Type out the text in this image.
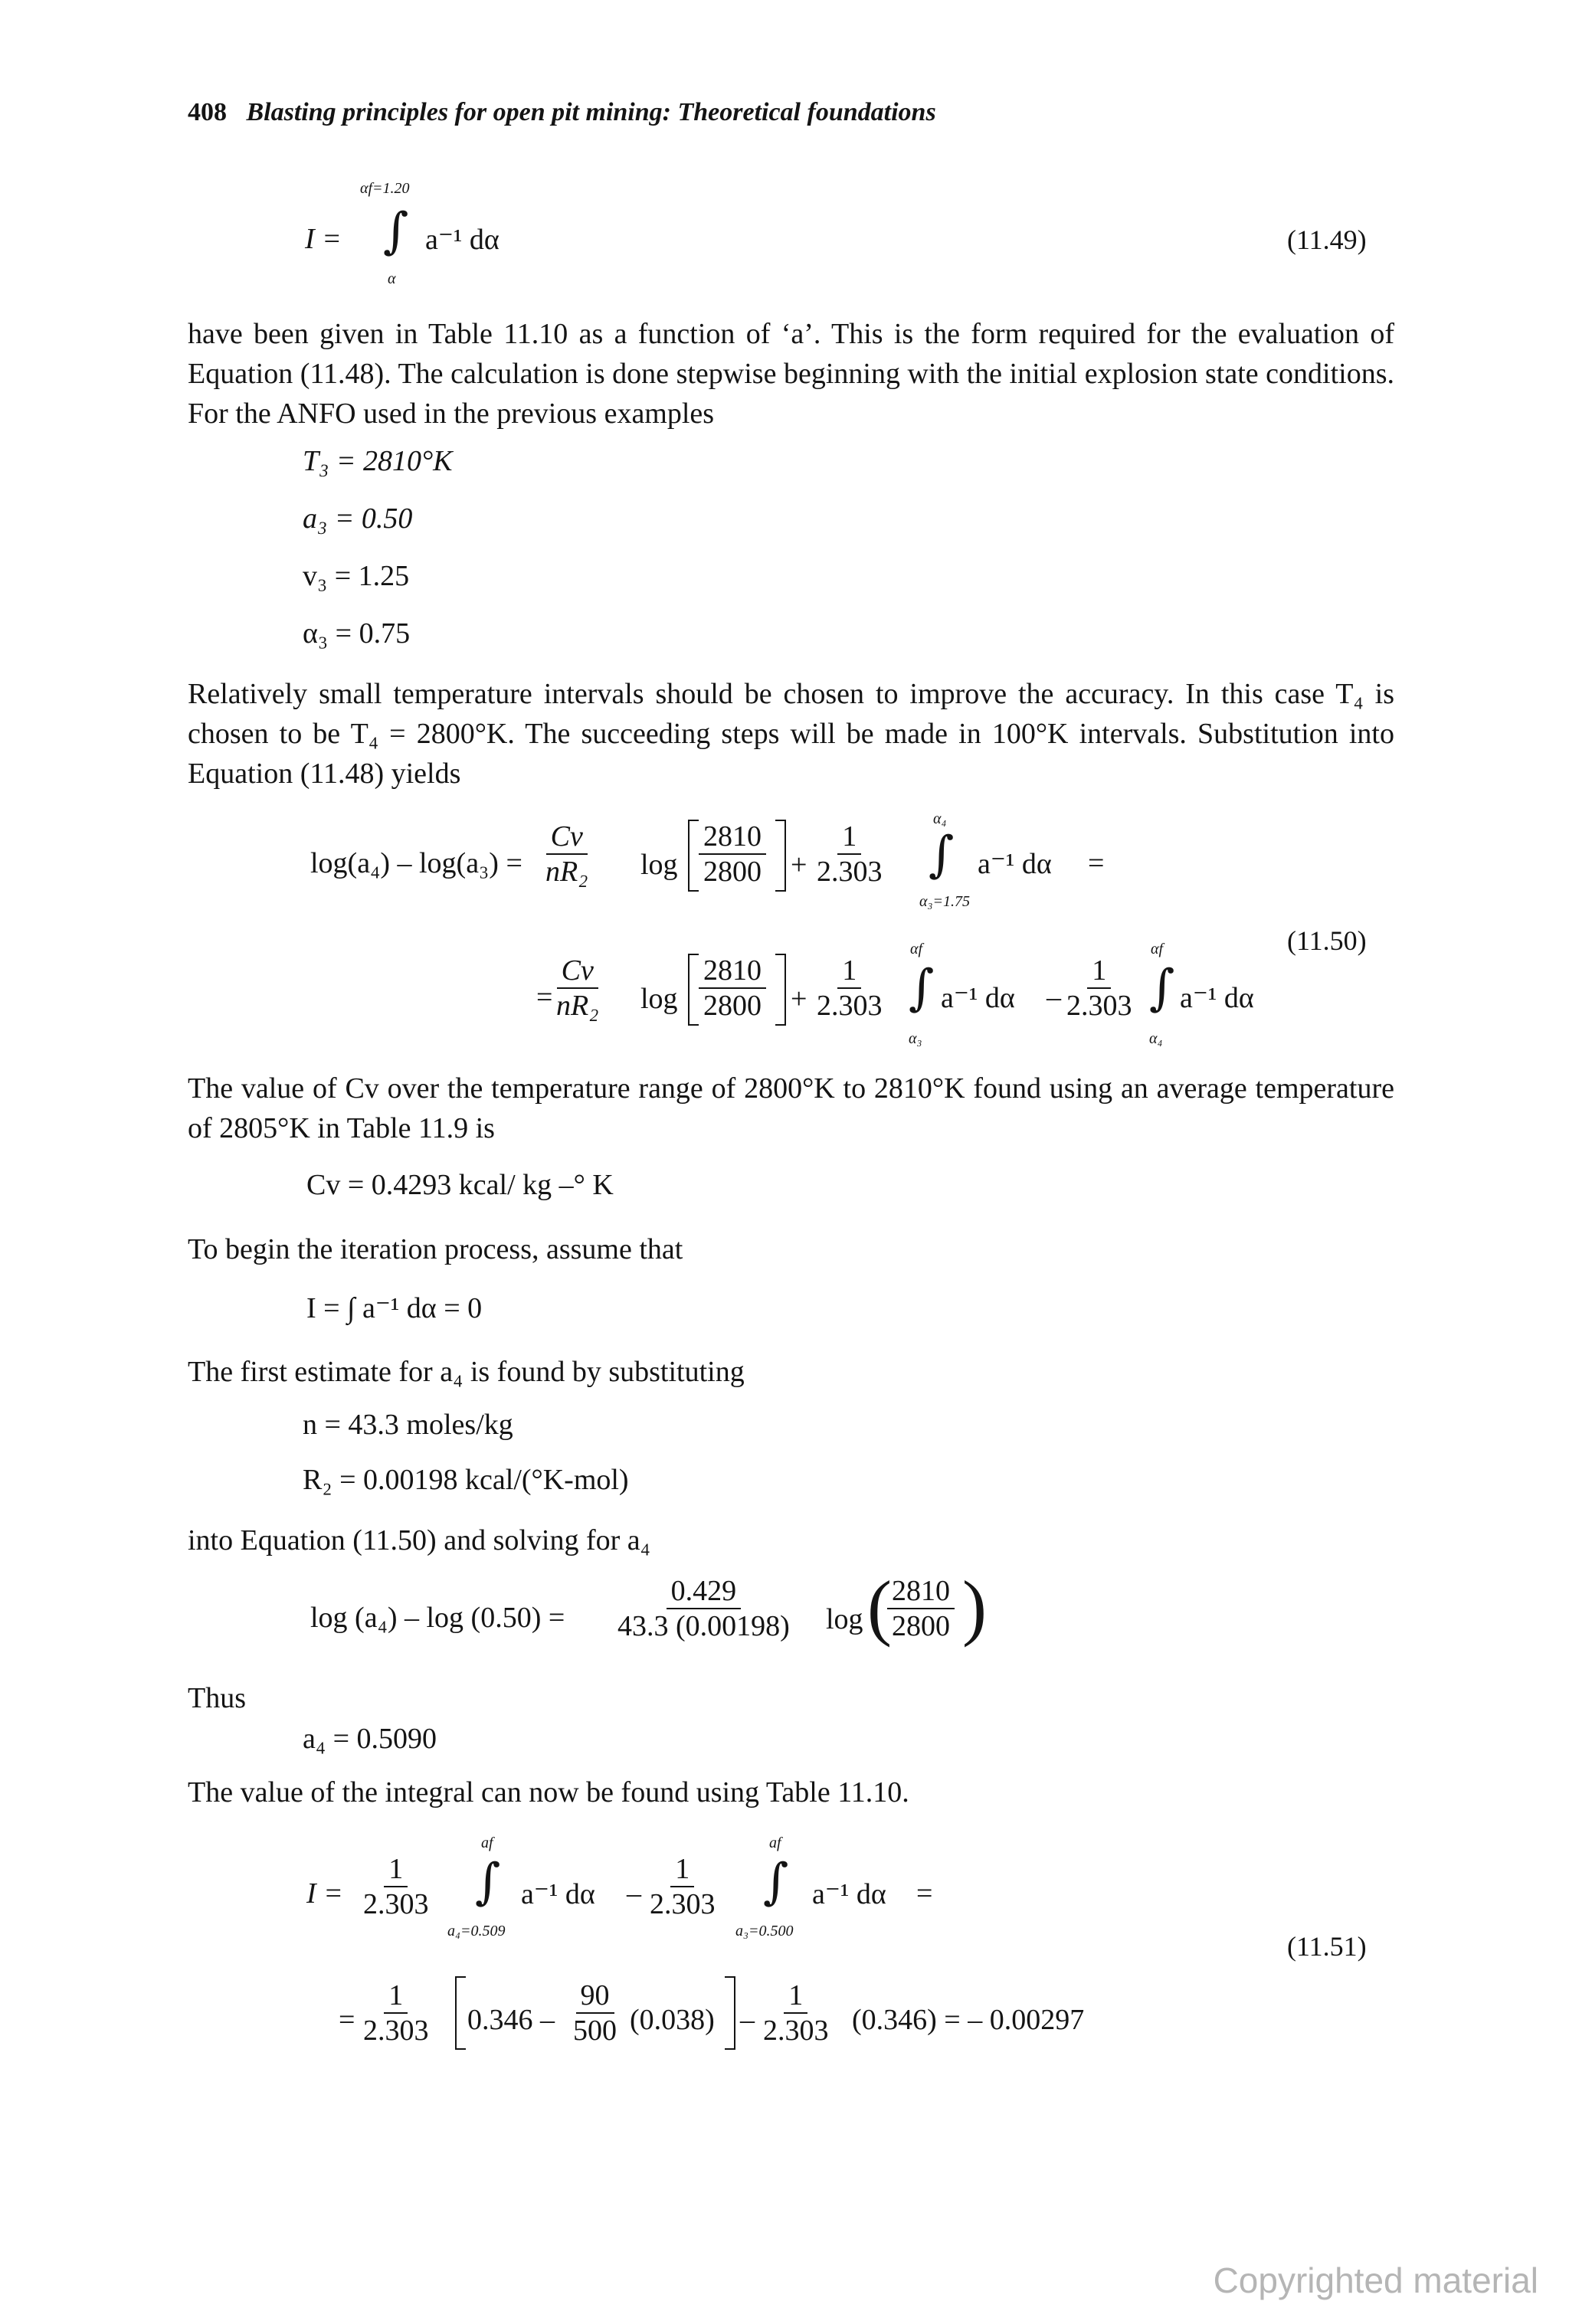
408 Blasting principles for open pit mining: Theoretical foundations
I =
αf=1.20
∫
α
a⁻¹ dα	(11.49)
have been given in Table 11.10 as a function of ‘a’. This is the form required for the evaluation of Equation (11.48). The calculation is done stepwise beginning with the initial explosion state conditions. For the ANFO used in the previous examples
T₃ = 2810°K
a₃ = 0.50
v₃ = 1.25
α₃ = 0.75
Relatively small temperature intervals should be chosen to improve the accuracy. In this case T₄ is chosen to be T₄ = 2800°K. The succeeding steps will be made in 100°K intervals. Substitution into Equation (11.48) yields
$\log(a_4) - \log(a_3) = \frac{Cv}{\text{nR₂}}$ $\log \frac{2810}{2800} + \frac{1}{2.303}$
α₄
∫
α₃=1.75
a⁻¹ dα =
(11.50)
=
$\frac{Cv}{\text{nR₂}}$ $\log \frac{2810}{2800} + \frac{1}{2.303}$
αf
∫
α₃
a⁻¹ dα – $\frac{1}{2.303}$
αf
∫
α₄
a⁻¹ dα
The value of Cv over the temperature range of 2800°K to 2810°K found using an average temperature of 2805°K in Table 11.9 is
Cv = 0.4293 kcal/ kg –° K
To begin the iteration process, assume that
I = ∫ a⁻¹ dα = 0
The first estimate for a₄ is found by substituting
n = 43.3 moles/kg
R₂ = 0.00198 kcal/(°K-mol)
into Equation (11.50) and solving for a₄
$\log (a_4) - \log (0.50) = \frac{0.429}{43.3 (0.00198)}$ log (
$\frac{2810}{2800}$ )
Thus
a₄ = 0.5090
The value of the integral can now be found using Table 11.10.
$I = \frac{1}{2.303}$
af
∫
a₄=0.509
a⁻¹ dα – $\frac{1}{2.303}$
af
∫
a₃=0.500
a⁻¹ dα =
(11.51)
= $\frac{1}{2.303} 0.346 - \frac{90}{500} (0.038) - \frac{1}{2.303} (0.346)$ = – 0.00297
Copyrighted material
